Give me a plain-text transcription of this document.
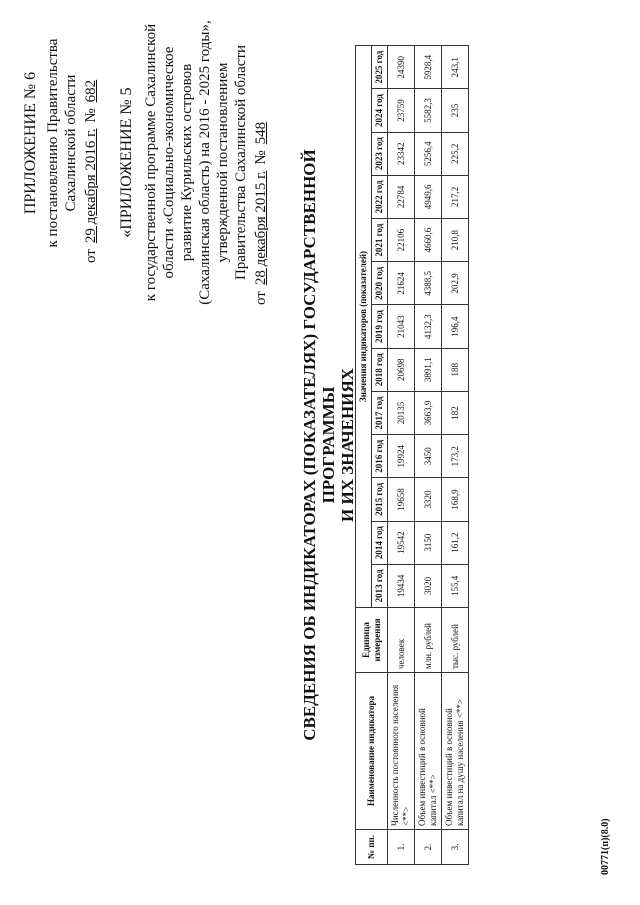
ПРИЛОЖЕНИЕ № 6 к постановлению Правительства Сахалинской области
от
29 декабря 2016 г.
№
682 «ПРИЛОЖЕНИЕ № 5 к государственной программе Сахалинской области «Социально-экономическое развитие Курильских островов (Сахалинская область) на 2016 - 2025 годы», утвержденной постановлением Правительства Сахалинской области
от
28 декабря 2015 г.
№
548
СВЕДЕНИЯ ОБ ИНДИКАТОРАХ (ПОКАЗАТЕЛЯХ) ГОСУДАРСТВЕННОЙ ПРОГРАММЫ И ИХ ЗНАЧЕНИЯХ
№ пп.	Наименование индикатора	Единица измерения	Значения индикаторов (показателей)												
			2013 год	2014 год	2015 год	2016 год	2017 год	2018 год	2019 год	2020 год	2021 год	2022 год	2023 год	2024 год	2025 год
1.	Численность постоянного населения <**>	человек	19434	19542	19658	19924	20135	20698	21043	21624	22106	22784	23342	23759	24390
2.	Объем инвестиций в основной капитал <**>	млн. рублей	3020	3150	3320	3450	3663,9	3891,1	4132,3	4388,5	4660,6	4949,6	5256,4	5582,3	5928,4
3.	Объем инвестиций в основной капитал на душу населения <**>	тыс. рублей	155,4	161,2	168,9	173,2	182	188	196,4	202,9	210,8	217,2	225,2	235	243,1
00771(п)(8.0)
